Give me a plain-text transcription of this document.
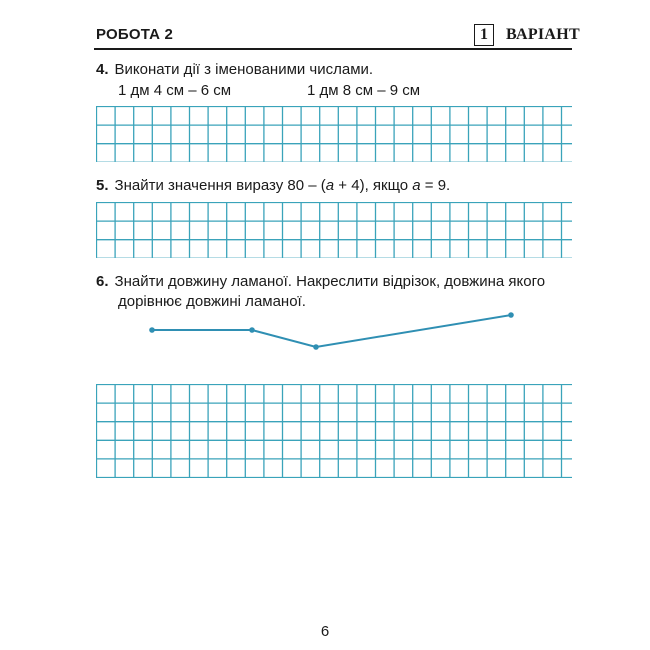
РОБОТА 2	1	ВАРІАНТ
4. Виконати дії з іменованими числами.
1 дм 4 см – 6 см	1 дм 8 см – 9 см
5. Знайти значення виразу 80 – (а + 4), якщо а = 9.
6. Знайти довжину ламаної. Накреслити відрізок, довжина якого
дорівнює довжині ламаної.
6
